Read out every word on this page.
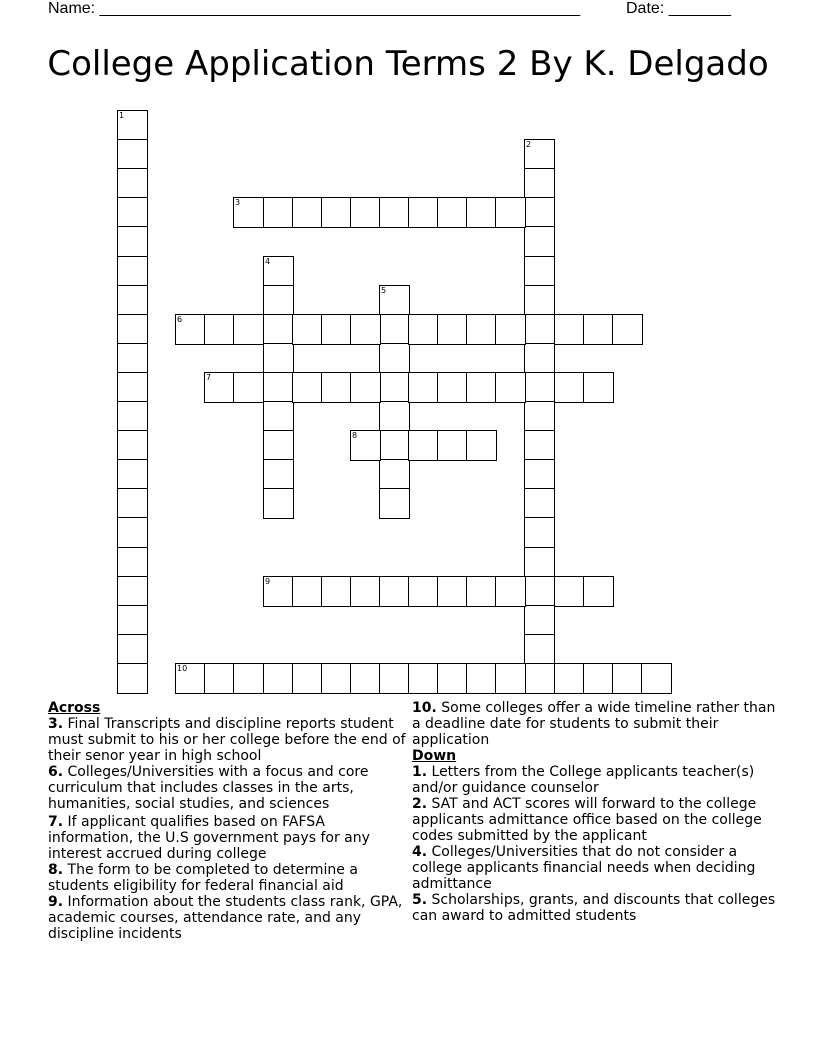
Name: ______________________________________________________	Date: _______
College Application Terms 2 By K. Delgado
1
2
3
4
5
6
7
8
9
10
Across

3. Final Transcripts and discipline reports student must submit to his or her college before the end of their senor year in high school

6. Colleges/Universities with a focus and core curriculum that includes classes in the arts, humanities, social studies, and sciences

7. If applicant qualifies based on FAFSA information, the U.S government pays for any interest accrued during college

8. The form to be completed to determine a students eligibility for federal financial aid

9. Information about the students class rank, GPA, academic courses, attendance rate, and any discipline incidents

10. Some colleges offer a wide timeline rather than a deadline date for students to submit their application

Down

1. Letters from the College applicants teacher(s) and/or guidance counselor

2. SAT and ACT scores will forward to the college applicants admittance office based on the college codes submitted by the applicant

4. Colleges/Universities that do not consider a college applicants financial needs when deciding admittance

5. Scholarships, grants, and discounts that colleges can award to admitted students
